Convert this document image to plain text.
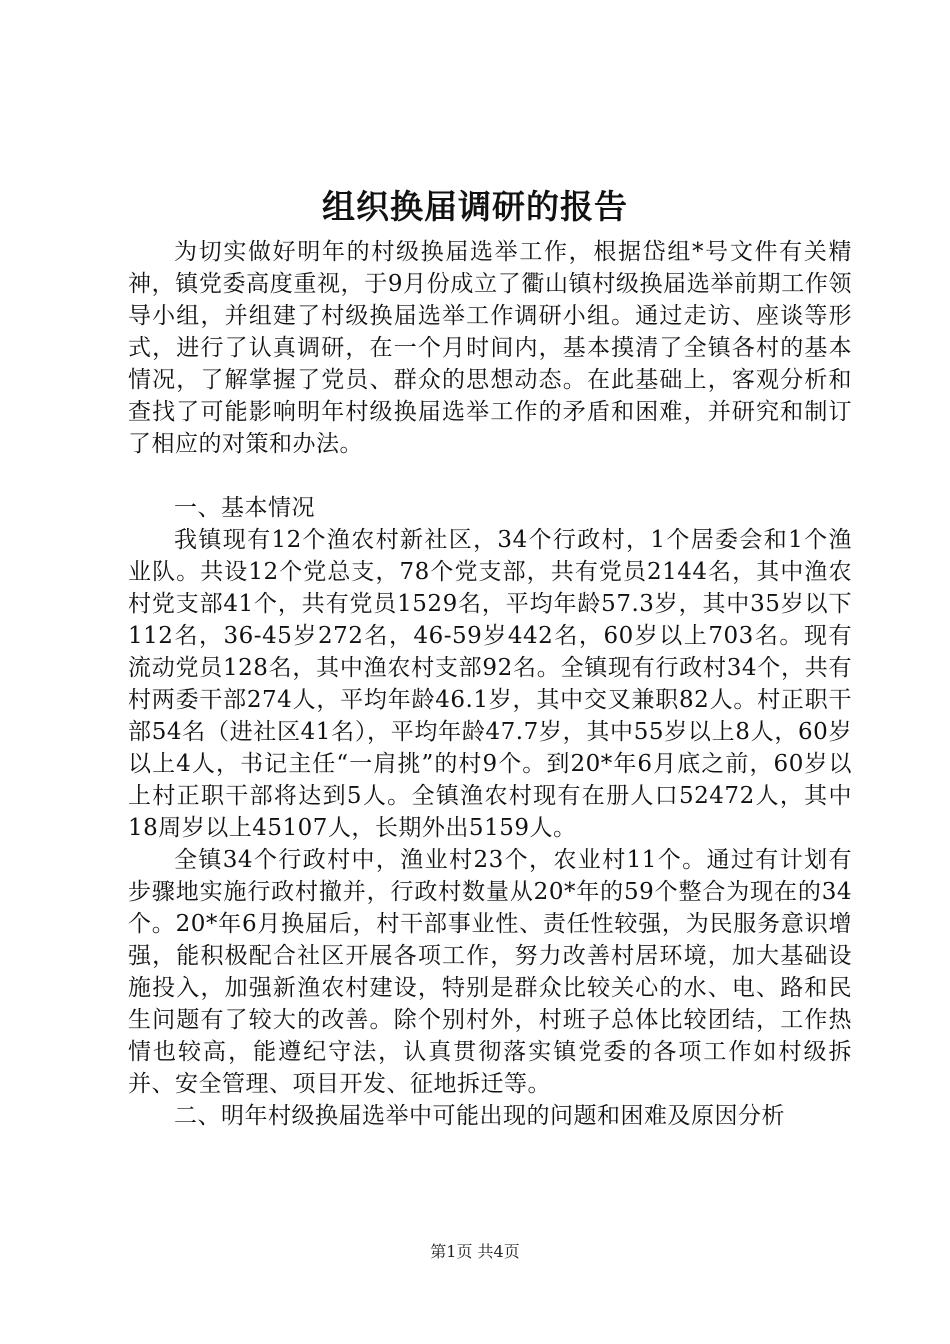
组织换届调研的报告

为切实做好明年的村级换届选举工作，根据岱组*号文件有关精神，镇党委高度重视，于9月份成立了衢山镇村级换届选举前期工作领导小组，并组建了村级换届选举工作调研小组。通过走访、座谈等形式，进行了认真调研，在一个月时间内，基本摸清了全镇各村的基本情况，了解掌握了党员、群众的思想动态。在此基础上，客观分析和查找了可能影响明年村级换届选举工作的矛盾和困难，并研究和制订了相应的对策和办法。

一、基本情况

我镇现有12个渔农村新社区，34个行政村，1个居委会和1个渔业队。共设12个党总支，78个党支部，共有党员2144名，其中渔农村党支部41个，共有党员1529名，平均年龄57.3岁，其中35岁以下112名，36-45岁272名，46-59岁442名，60岁以上703名。现有流动党员128名，其中渔农村支部92名。全镇现有行政村34个，共有村两委干部274人，平均年龄46.1岁，其中交叉兼职82人。村正职干部54名（进社区41名），平均年龄47.7岁，其中55岁以上8人，60岁以上4人，书记主任“一肩挑”的村9个。到20*年6月底之前，60岁以上村正职干部将达到5人。全镇渔农村现有在册人口52472人，其中18周岁以上45107人，长期外出5159人。

全镇34个行政村中，渔业村23个，农业村11个。通过有计划有步骤地实施行政村撤并，行政村数量从20*年的59个整合为现在的34个。20*年6月换届后，村干部事业性、责任性较强，为民服务意识增强，能积极配合社区开展各项工作，努力改善村居环境，加大基础设施投入，加强新渔农村建设，特别是群众比较关心的水、电、路和民生问题有了较大的改善。除个别村外，村班子总体比较团结，工作热情也较高，能遵纪守法，认真贯彻落实镇党委的各项工作如村级拆并、安全管理、项目开发、征地拆迁等。

二、明年村级换届选举中可能出现的问题和困难及原因分析

第1页 共4页
